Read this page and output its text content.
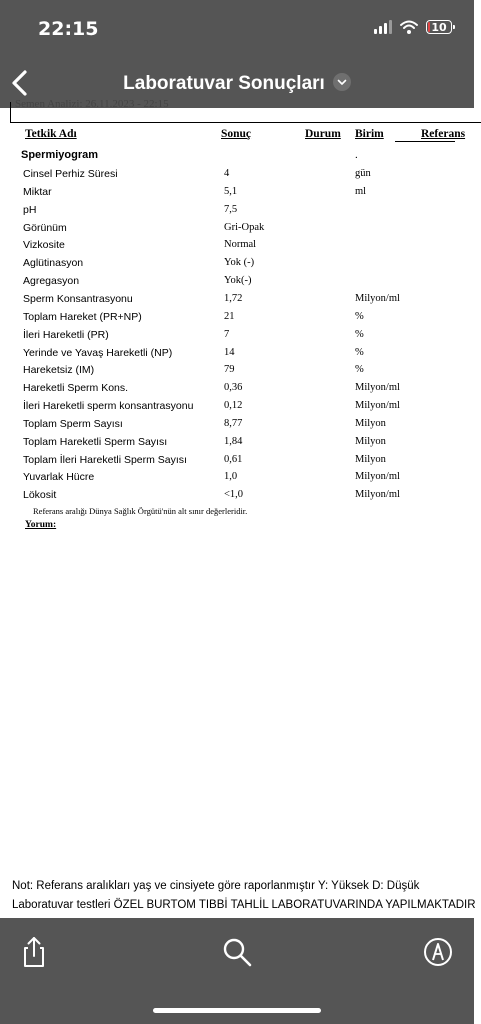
22:15	10
Laboratuvar Sonuçları
Semen Analizi: 26.11.2023 - 22:15
Tetkik Adı	Sonuç	Durum Birim	Referans
Spermiyogram	.
Cinsel Perhiz Süresi	4	gün
Miktar	5,1	ml
pH	7,5
Görünüm	Gri-Opak
Vizkosite	Normal
Aglütinasyon	Yok (-)
Agregasyon	Yok(-)
Sperm Konsantrasyonu	1,72	Milyon/ml
Toplam Hareket (PR+NP)	21	%
İleri Hareketli (PR)	7	%
Yerinde ve Yavaş Hareketli (NP)	14	%
Hareketsiz (IM)	79	%
Hareketli Sperm Kons.	0,36	Milyon/ml
İleri Hareketli sperm konsantrasyonu	0,12	Milyon/ml
Toplam Sperm Sayısı	8,77	Milyon
Toplam Hareketli Sperm Sayısı	1,84	Milyon
Toplam İleri Hareketli Sperm Sayısı	0,61	Milyon
Yuvarlak Hücre	1,0	Milyon/ml
Lökosit	<1,0	Milyon/ml
Referans aralığı Dünya Sağlık Örgütü'nün alt sınır değerleridir.
Yorum:
Not: Referans aralıkları yaş ve cinsiyete göre raporlanmıştır Y: Yüksek D: Düşük
Laboratuvar testleri ÖZEL BURTOM TIBBİ TAHLİL LABORATUVARINDA YAPILMAKTADIR
